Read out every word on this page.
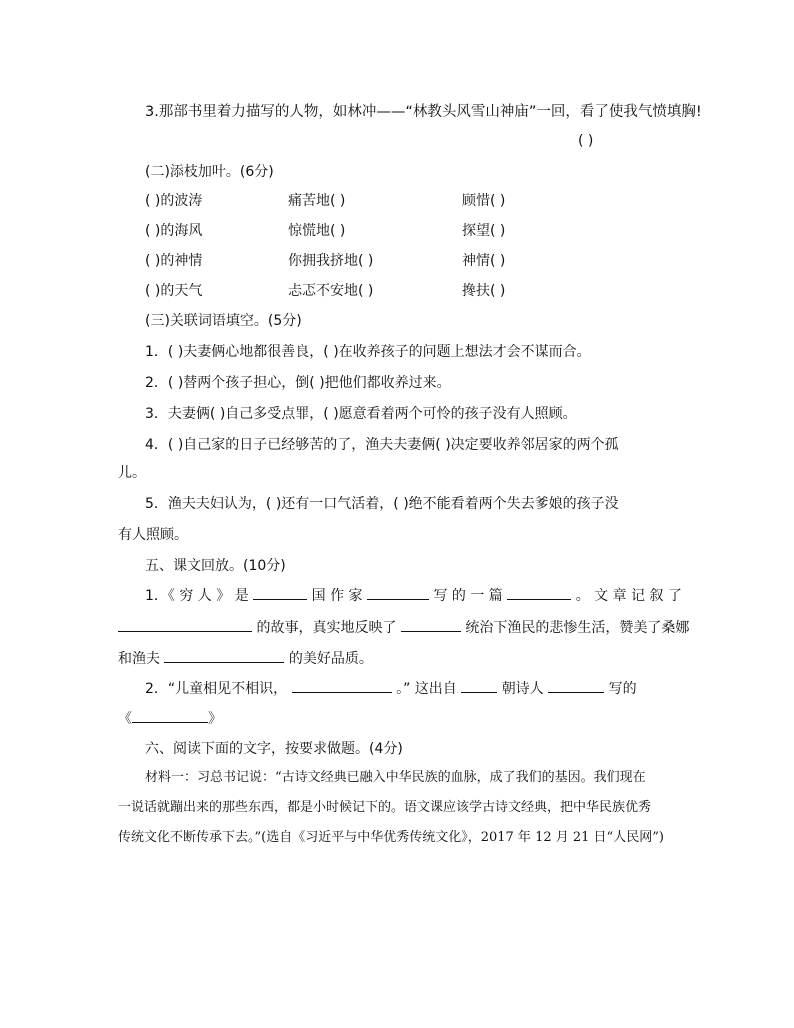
3.那部书里着力描写的人物，如林冲——“林教头风雪山神庙”一回，看了使我气愤填胸!
( )
(二)添枝加叶。(6分)
( )的波涛	痛苦地( )	顾惜( )
( )的海风	惊慌地( )	探望( )
( )的神情	你拥我挤地( )	神情( )
( )的天气	忐忑不安地( )	搀扶( )
(三)关联词语填空。(5分)
1．( )夫妻俩心地都很善良，( )在收养孩子的问题上想法才会不谋而合。
2．( )替两个孩子担心，倒( )把他们都收养过来。
3．夫妻俩( )自己多受点罪，( )愿意看着两个可怜的孩子没有人照顾。
4．( )自己家的日子已经够苦的了，渔夫夫妻俩( )决定要收养邻居家的两个孤
儿。
5．渔夫夫妇认为，( )还有一口气活着，( )绝不能看着两个失去爹娘的孩子没
有人照顾。
五、课文回放。(10分)
1．《 穷 人 》 是	国 作 家	写 的 一 篇	。 文 章 记 叙 了
的故事，真实地反映了	统治下渔民的悲惨生活，赞美了桑娜
和渔夫	的美好品质。
2．“儿童相见不相识，	。” 这出自	朝诗人	写的
《	》
六、阅读下面的文字，按要求做题。(4分)
材料一：习总书记说：“古诗文经典已融入中华民族的血脉，成了我们的基因。我们现在
一说话就蹦出来的那些东西，都是小时候记下的。语文课应该学古诗文经典，把中华民族优秀
传统文化不断传承下去。”(选自《习近平与中华优秀传统文化》，2017 年 12 月 21 日“人民网”)
